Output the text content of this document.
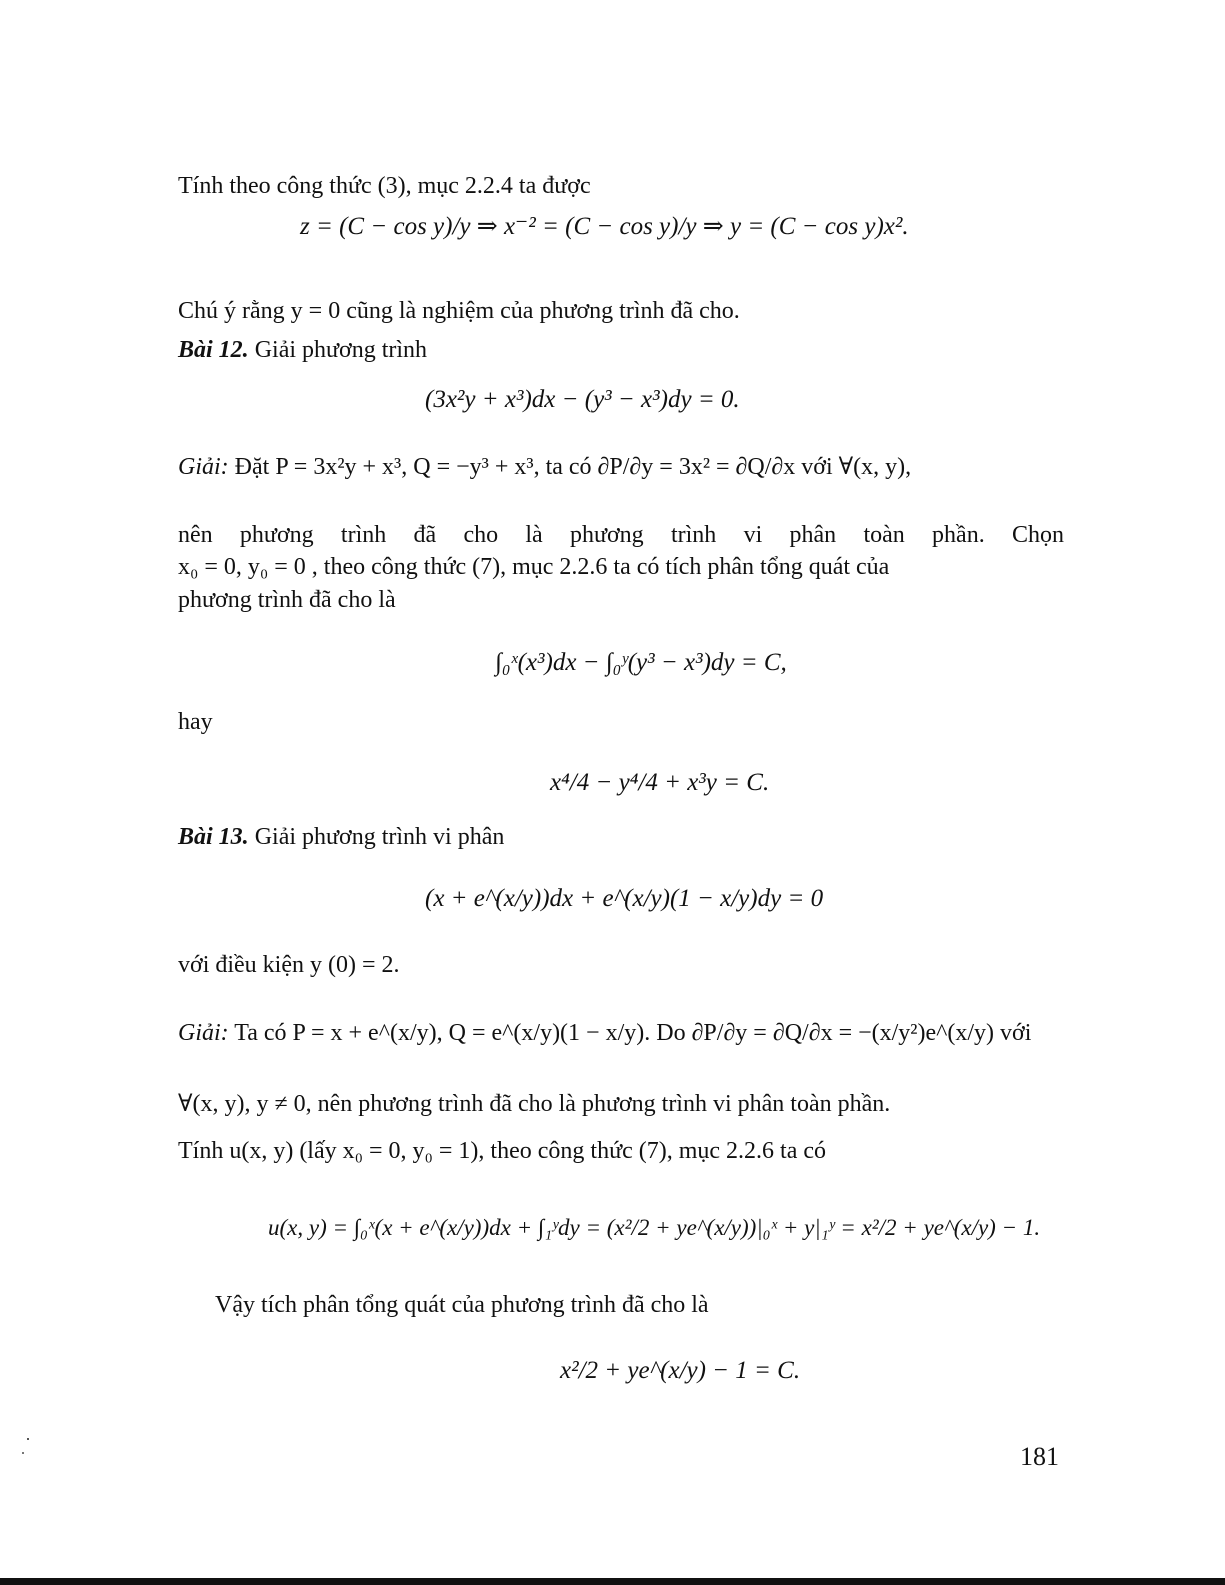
Tính theo công thức (3), mục 2.2.4 ta được
z = (C − cos y)/y ⇒ x⁻² = (C − cos y)/y ⇒ y = (C − cos y)x².
Chú ý rằng y = 0 cũng là nghiệm của phương trình đã cho.
Bài 12. Giải phương trình
(3x²y + x³)dx − (y³ − x³)dy = 0.
Giải: Đặt P = 3x²y + x³, Q = −y³ + x³, ta có ∂P/∂y = 3x² = ∂Q/∂x với ∀(x, y),
nên phương trình đã cho là phương trình vi phân toàn phần. Chọn
x₀ = 0, y₀ = 0 , theo công thức (7), mục 2.2.6 ta có tích phân tổng quát của
phương trình đã cho là
∫₀ˣ(x³)dx − ∫₀ʸ(y³ − x³)dy = C,
hay
x⁴/4 − y⁴/4 + x³y = C.
Bài 13. Giải phương trình vi phân
(x + e^(x/y))dx + e^(x/y)(1 − x/y)dy = 0
với điều kiện y (0) = 2.
Giải: Ta có P = x + e^(x/y), Q = e^(x/y)(1 − x/y). Do ∂P/∂y = ∂Q/∂x = −(x/y²)e^(x/y) với
∀(x, y), y ≠ 0, nên phương trình đã cho là phương trình vi phân toàn phần.
Tính u(x, y) (lấy x₀ = 0, y₀ = 1), theo công thức (7), mục 2.2.6 ta có
u(x, y) = ∫₀ˣ(x + e^(x/y))dx + ∫₁ʸdy = (x²/2 + ye^(x/y))|₀ˣ + y|₁ʸ = x²/2 + ye^(x/y) − 1.
Vậy tích phân tổng quát của phương trình đã cho là
x²/2 + ye^(x/y) − 1 = C.
181
